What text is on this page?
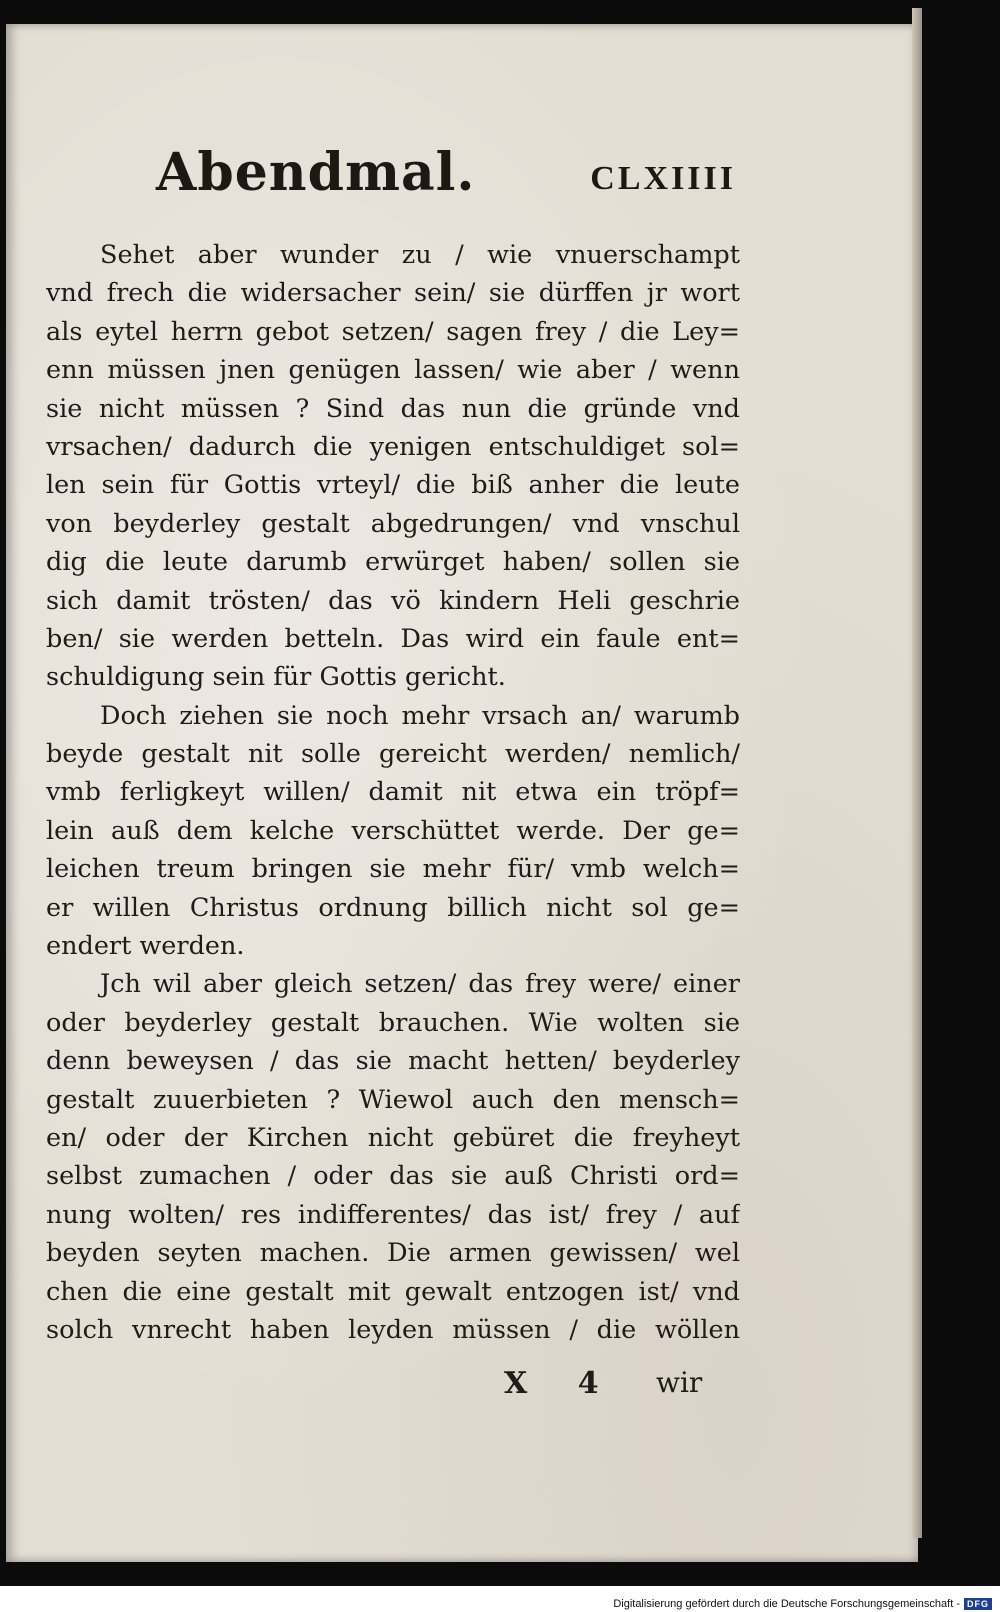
Abendmal.	CLXIIII
Sehet aber wunder zu / wie vnuerschampt
vnd frech die widersacher sein/ sie dürffen jr wort
als eytel herrn gebot setzen/ sagen frey / die Ley=
enn müssen jnen genügen lassen/ wie aber / wenn
sie nicht müssen ? Sind das nun die gründe vnd
vrsachen/ dadurch die yenigen entschuldiget sol=
len sein für Gottis vrteyl/ die biß anher die leute
von beyderley gestalt abgedrungen/ vnd vnschul
dig die leute darumb erwürget haben/ sollen sie
sich damit trösten/ das vö kindern Heli geschrie
ben/ sie werden betteln. Das wird ein faule ent=
schuldigung sein für Gottis gericht.
Doch ziehen sie noch mehr vrsach an/ warumb
beyde gestalt nit solle gereicht werden/ nemlich/
vmb ferligkeyt willen/ damit nit etwa ein tröpf=
lein auß dem kelche verschüttet werde. Der ge=
leichen treum bringen sie mehr für/ vmb welch=
er willen Christus ordnung billich nicht sol ge=
endert werden.
Jch wil aber gleich setzen/ das frey were/ einer
oder beyderley gestalt brauchen. Wie wolten sie
denn beweysen / das sie macht hetten/ beyderley
gestalt zuuerbieten ? Wiewol auch den mensch=
en/ oder der Kirchen nicht gebüret die freyheyt
selbst zumachen / oder das sie auß Christi ord=
nung wolten/ res indifferentes/ das ist/ frey / auf
beyden seyten machen. Die armen gewissen/ wel
chen die eine gestalt mit gewalt entzogen ist/ vnd
solch vnrecht haben leyden müssen / die wöllen
X 4 wir
Digitalisierung gefördert durch die Deutsche Forschungsgemeinschaft - DFG
